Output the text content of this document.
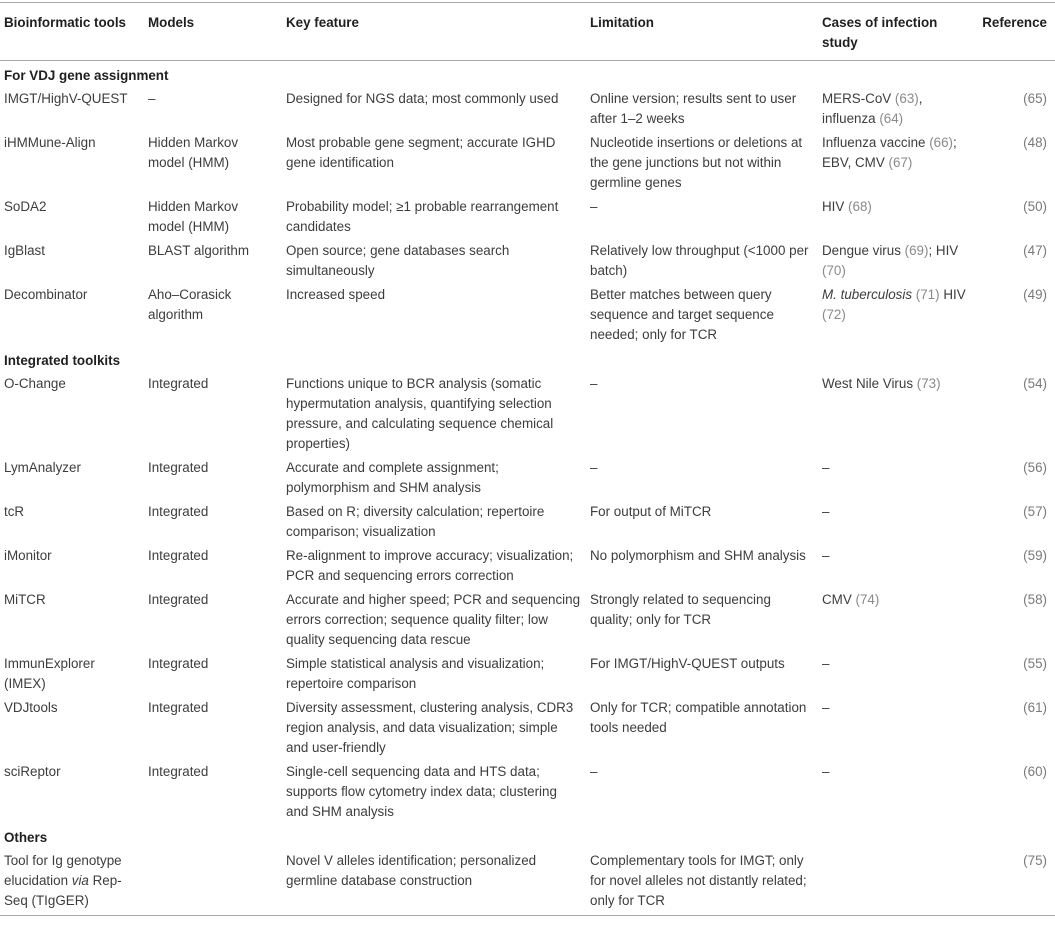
Bioinformatic tools	Models	Key feature	Limitation	Cases of infection study	Reference
For VDJ gene assignment					
IMGT/HighV-QUEST	–	Designed for NGS data; most commonly used	Online version; results sent to user after 1–2 weeks	MERS-CoV (63), influenza (64)	(65)
iHMMune-Align	Hidden Markov model (HMM)	Most probable gene segment; accurate IGHD gene identification	Nucleotide insertions or deletions at the gene junctions but not within germline genes	Influenza vaccine (66); EBV, CMV (67)	(48)
SoDA2	Hidden Markov model (HMM)	Probability model; ≥1 probable rearrangement candidates	–	HIV (68)	(50)
IgBlast	BLAST algorithm	Open source; gene databases search simultaneously	Relatively low throughput (<1000 per batch)	Dengue virus (69); HIV (70)	(47)
Decombinator	Aho–Corasick algorithm	Increased speed	Better matches between query sequence and target sequence needed; only for TCR	M. tuberculosis (71) HIV (72)	(49)
Integrated toolkits					
O-Change	Integrated	Functions unique to BCR analysis (somatic hypermutation analysis, quantifying selection pressure, and calculating sequence chemical properties)	–	West Nile Virus (73)	(54)
LymAnalyzer	Integrated	Accurate and complete assignment; polymorphism and SHM analysis	–	–	(56)
tcR	Integrated	Based on R; diversity calculation; repertoire comparison; visualization	For output of MiTCR	–	(57)
iMonitor	Integrated	Re-alignment to improve accuracy; visualization; PCR and sequencing errors correction	No polymorphism and SHM analysis	–	(59)
MiTCR	Integrated	Accurate and higher speed; PCR and sequencing errors correction; sequence quality filter; low quality sequencing data rescue	Strongly related to sequencing quality; only for TCR	CMV (74)	(58)
ImmunExplorer (IMEX)	Integrated	Simple statistical analysis and visualization; repertoire comparison	For IMGT/HighV-QUEST outputs	–	(55)
VDJtools	Integrated	Diversity assessment, clustering analysis, CDR3 region analysis, and data visualization; simple and user-friendly	Only for TCR; compatible annotation tools needed	–	(61)
sciReptor	Integrated	Single-cell sequencing data and HTS data; supports flow cytometry index data; clustering and SHM analysis	–	–	(60)
Others					
Tool for Ig genotype elucidation via Rep-Seq (TIgGER)		Novel V alleles identification; personalized germline database construction	Complementary tools for IMGT; only for novel alleles not distantly related; only for TCR		(75)
